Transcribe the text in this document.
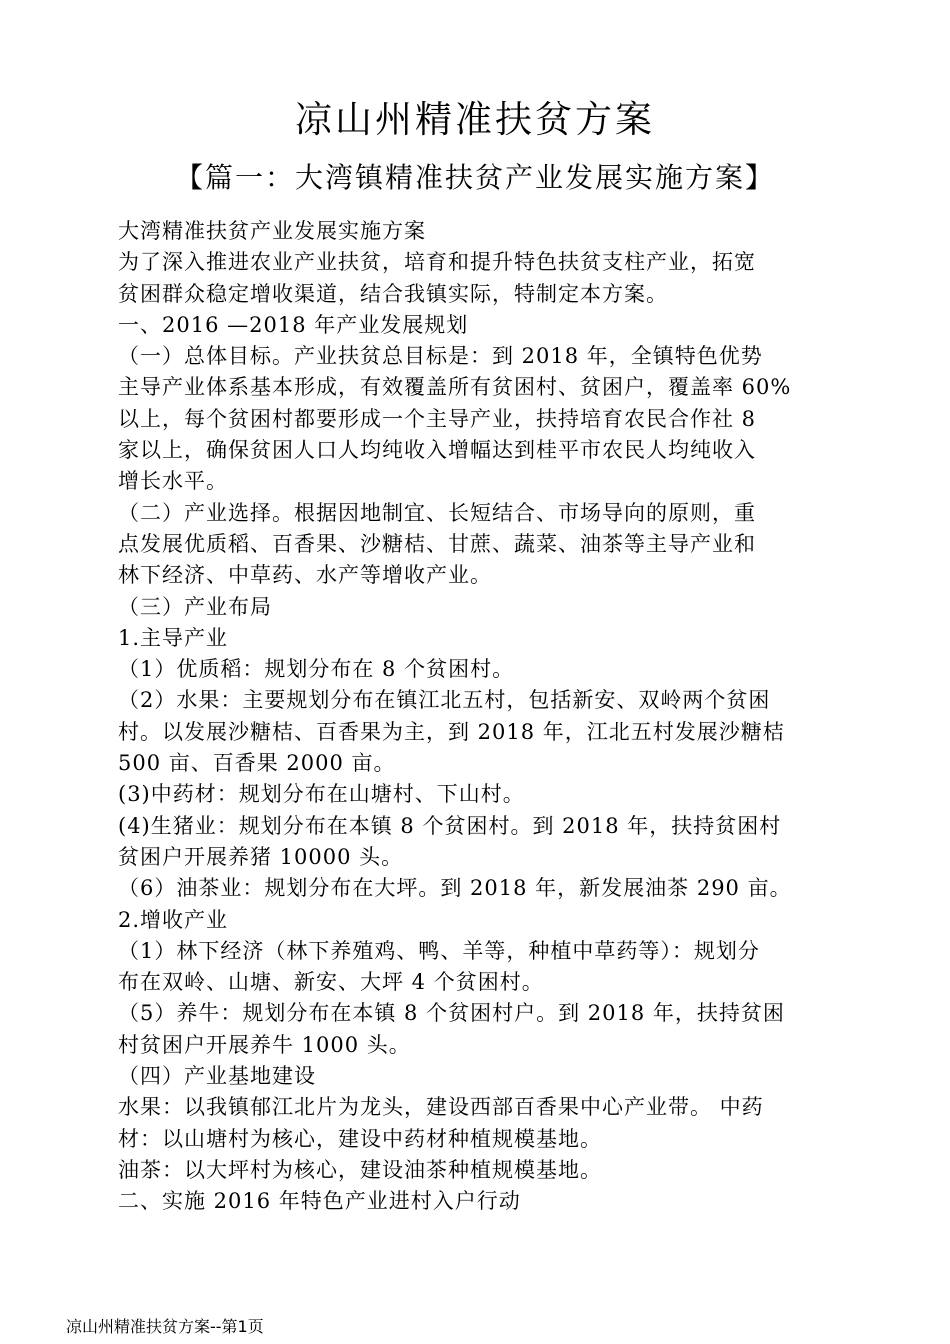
凉山州精准扶贫方案
【篇一：大湾镇精准扶贫产业发展实施方案】
大湾精准扶贫产业发展实施方案
为了深入推进农业产业扶贫，培育和提升特色扶贫支柱产业，拓宽
贫困群众稳定增收渠道，结合我镇实际，特制定本方案。
一、2016 —2018 年产业发展规划
（一）总体目标。产业扶贫总目标是：到 2018 年，全镇特色优势
主导产业体系基本形成，有效覆盖所有贫困村、贫困户，覆盖率 60%
以上，每个贫困村都要形成一个主导产业，扶持培育农民合作社 8
家以上，确保贫困人口人均纯收入增幅达到桂平市农民人均纯收入
增长水平。
（二）产业选择。根据因地制宜、长短结合、市场导向的原则，重
点发展优质稻、百香果、沙糖桔、甘蔗、蔬菜、油茶等主导产业和
林下经济、中草药、水产等增收产业。
（三）产业布局
1.主导产业
（1）优质稻：规划分布在 8 个贫困村。
（2）水果：主要规划分布在镇江北五村，包括新安、双岭两个贫困
村。以发展沙糖桔、百香果为主，到 2018 年，江北五村发展沙糖桔
500 亩、百香果 2000 亩。
(3)中药材：规划分布在山塘村、下山村。
(4)生猪业：规划分布在本镇 8 个贫困村。到 2018 年，扶持贫困村
贫困户开展养猪 10000 头。
（6）油茶业：规划分布在大坪。到 2018 年，新发展油茶 290 亩。
2.增收产业
（1）林下经济（林下养殖鸡、鸭、羊等，种植中草药等）：规划分
布在双岭、山塘、新安、大坪 4 个贫困村。
（5）养牛：规划分布在本镇 8 个贫困村户。到 2018 年，扶持贫困
村贫困户开展养牛 1000 头。
（四）产业基地建设
水果：以我镇郁江北片为龙头，建设西部百香果中心产业带。 中药
材：以山塘村为核心，建设中药材种植规模基地。
油茶：以大坪村为核心，建设油茶种植规模基地。
二、实施 2016 年特色产业进村入户行动
凉山州精准扶贫方案--第1页
